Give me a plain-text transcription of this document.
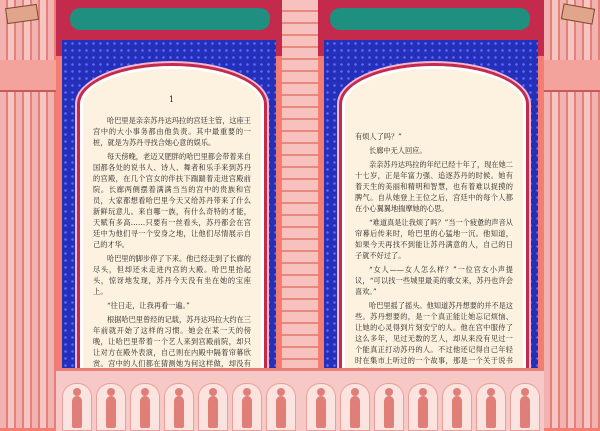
1

哈巴里是亲亲苏丹达玛拉的宫廷主管，这座王宫中的大小事务都由他负责。其中最重要的一桩，就是为苏丹寻找合她心意的娱乐。

每天傍晚，老迈又肥胖的哈巴里都会带着来自国都各处的说书人、诗人、舞者和乐手来到苏丹的宫殿，在几个宫女的伴扶下踹踹着走进宫殿前院。长廊两侧摆着满满当当的宫中的贵族和官员，大家都想看哈巴里今天又给苏丹带来了什么新鲜玩意儿。来自哪一族，有什么奇特的才能，天赋有多高……只要有一丝看头，苏丹都会在宫廷中为他们寻一个安身之地，让他们尽情展示自己的才华。

哈巴里的脚步停了下来。他已经走到了长廊的尽头，但却还未走进内宫的大殿。哈巴里抬起头，惊讶地发现，苏丹今天没有坐在她的宝座上。

“往日走，让我再看一遍。”

根据哈巴里曾经的记载，苏丹达玛拉大约在三年前就开始了这样的习惯。她会在某一天的傍晚，让哈巴里带着一个艺人来到宫殿前院，却只让对方在殿外表演，自己则在内殿中隔着帘幕欣赏。宫中的人们都在猜测她为何这样做，却没有

有烦人了吗？”

长廊中无人回应。

亲亲苏丹达玛拉的年纪已经十年了，现在她二十七岁，正是年富力强、追逐苏丹的时候。她有着天生的美丽和精明和智慧，也有着难以捉摸的脾气。自从她登上王位之后，宫廷中的每个人都在小心翼翼地揣摩她的心思。

“难道真是让我烦了吗？”当一个疲惫的声音从帘幕后传来时，哈巴里的心猛地一沉。他知道，如果今天再找不到能让苏丹满意的人，自己的日子就不好过了。

“女人——女人怎么样？”一位宫女小声提议，“可以找一些城里最美的歌女来，苏丹也许会喜欢。”

哈巴里摇了摇头。他知道苏丹想要的并不是这些。苏丹想要的，是一个真正能让她忘记烦恼、让她的心灵得到片刻安宁的人。他在宫中服侍了这么多年，见过无数的艺人，却从来没有见过一个能真正打动苏丹的人。不过他还记得自己年轻时在集市上听过的一个故事，那是一个关于说书
